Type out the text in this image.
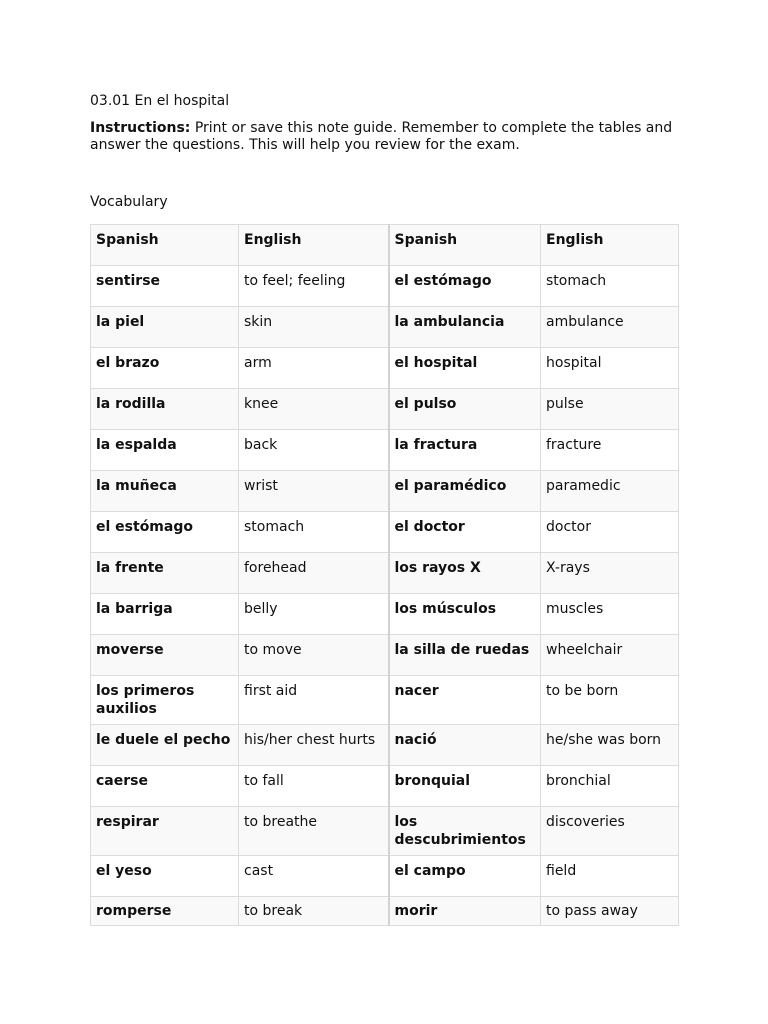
03.01 En el hospital

Instructions: Print or save this note guide. Remember to complete the tables and answer the questions. This will help you review for the exam.

Vocabulary
Spanish	English	Spanish	English
sentirse	to feel; feeling	el estómago	stomach
la piel	skin	la ambulancia	ambulance
el brazo	arm	el hospital	hospital
la rodilla	knee	el pulso	pulse
la espalda	back	la fractura	fracture
la muñeca	wrist	el paramédico	paramedic
el estómago	stomach	el doctor	doctor
la frente	forehead	los rayos X	X-rays
la barriga	belly	los músculos	muscles
moverse	to move	la silla de ruedas	wheelchair
los primeros auxilios	first aid	nacer	to be born
le duele el pecho	his/her chest hurts	nació	he/she was born
caerse	to fall	bronquial	bronchial
respirar	to breathe	los descubrimientos	discoveries
el yeso	cast	el campo	field
romperse	to break	morir	to pass away
